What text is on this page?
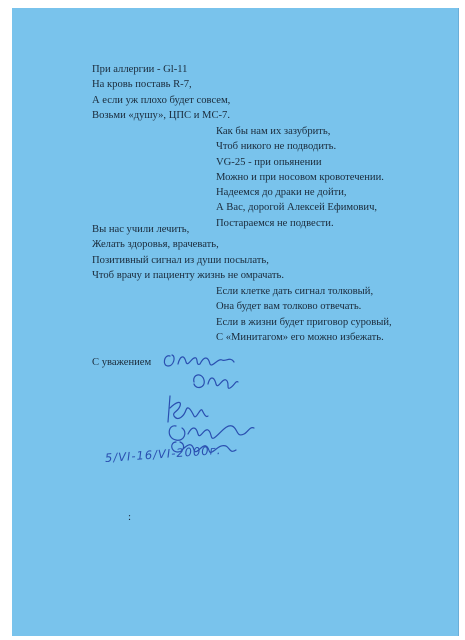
При аллергии - Gl-11
На кровь поставь R-7,
А если уж плохо будет совсем,
Возьми «душу», ЦПС и МС-7.
Как бы нам их зазубрить,
Чтоб никого не подводить.
VG-25 - при опьянении
Можно и при носовом кровотечении.
Надеемся до драки не дойти,
А Вас, дорогой Алексей Ефимович,
Постараемся не подвести.
Вы нас учили лечить,
Желать здоровья, врачевать,
Позитивный сигнал из души посылать,
Чтоб врачу и пациенту жизнь не омрачать.
Если клетке дать сигнал толковый,
Она будет вам толково отвечать.
Если в жизни будет приговор суровый,
С «Минитагом» его можно избежать.
С уважением
5/VI-16/VI-2000г.
:
